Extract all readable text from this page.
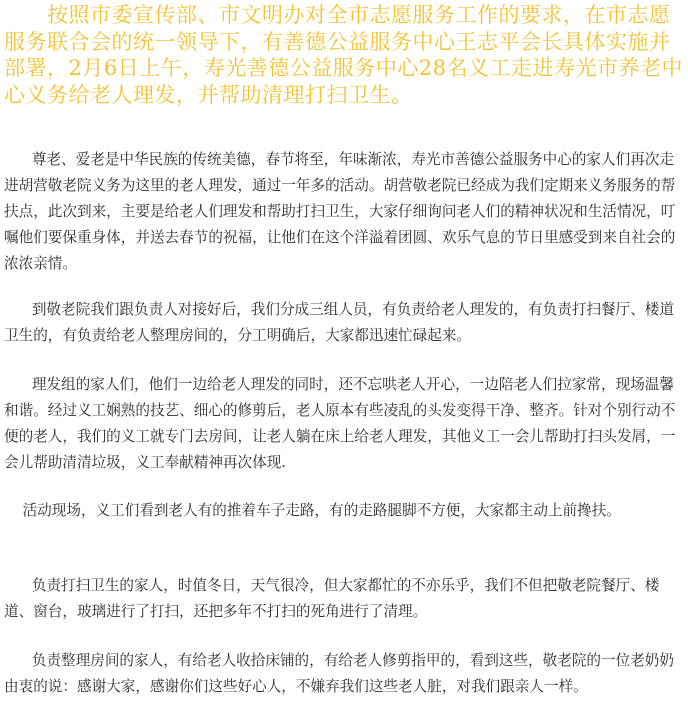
按照市委宣传部、市文明办对全市志愿服务工作的要求，在市志愿服务联合会的统一领导下，有善德公益服务中心王志平会长具体实施并部署，2月6日上午，寿光善德公益服务中心28名义工走进寿光市养老中心义务给老人理发，并帮助清理打扫卫生。

尊老、爱老是中华民族的传统美德，春节将至，年味渐浓，寿光市善德公益服务中心的家人们再次走进胡营敬老院义务为这里的老人理发，通过一年多的活动。胡营敬老院已经成为我们定期来义务服务的帮扶点，此次到来，主要是给老人们理发和帮助打扫卫生，大家仔细询问老人们的精神状况和生活情况，叮嘱他们要保重身体，并送去春节的祝福，让他们在这个洋溢着团圆、欢乐气息的节日里感受到来自社会的浓浓亲情。

到敬老院我们跟负责人对接好后，我们分成三组人员，有负责给老人理发的，有负责打扫餐厅、楼道卫生的，有负责给老人整理房间的，分工明确后，大家都迅速忙碌起来。

理发组的家人们，他们一边给老人理发的同时，还不忘哄老人开心，一边陪老人们拉家常，现场温馨和谐。经过义工娴熟的技艺、细心的修剪后，老人原本有些凌乱的头发变得干净、整齐。针对个别行动不便的老人，我们的义工就专门去房间，让老人躺在床上给老人理发，其他义工一会儿帮助打扫头发屑，一会儿帮助清清垃圾，义工奉献精神再次体现.

活动现场，义工们看到老人有的推着车子走路，有的走路腿脚不方便，大家都主动上前搀扶。

负责打扫卫生的家人，时值冬日，天气很冷，但大家都忙的不亦乐乎，我们不但把敬老院餐厅、楼道、窗台，玻璃进行了打扫，还把多年不打扫的死角进行了清理。

负责整理房间的家人，有给老人收拾床铺的，有给老人修剪指甲的，看到这些，敬老院的一位老奶奶由衷的说：感谢大家，感谢你们这些好心人，不嫌弃我们这些老人脏，对我们跟亲人一样。
